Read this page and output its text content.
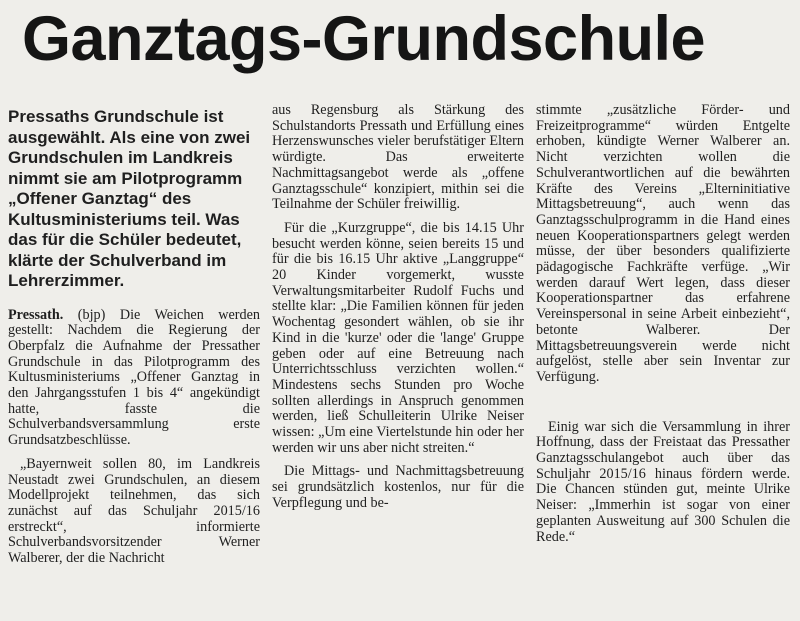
Ganztags-Grundschule
Pressaths Grundschule ist ausgewählt. Als eine von zwei Grundschulen im Landkreis nimmt sie am Pilotprogramm „Offener Ganztag“ des Kultusministeriums teil. Was das für die Schüler bedeutet, klärte der Schulverband im Lehrerzimmer.

Pressath. (bjp) Die Weichen werden gestellt: Nachdem die Regierung der Oberpfalz die Aufnahme der Pressather Grundschule in das Pilotprogramm des Kultusministeriums „Offener Ganztag in den Jahrgangsstufen 1 bis 4“ angekündigt hatte, fasste die Schulverbandsversammlung erste Grundsatzbeschlüsse.

„Bayernweit sollen 80, im Landkreis Neustadt zwei Grundschulen, an diesem Modellprojekt teilnehmen, das sich zunächst auf das Schuljahr 2015/16 erstreckt“, informierte Schulverbandsvorsitzender Werner Walberer, der die Nachricht

aus Regensburg als Stärkung des Schulstandorts Pressath und Erfüllung eines Herzenswunsches vieler berufstätiger Eltern würdigte. Das erweiterte Nachmittagsangebot werde als „offene Ganztagsschule“ konzipiert, mithin sei die Teilnahme der Schüler freiwillig.

Für die „Kurzgruppe“, die bis 14.15 Uhr besucht werden könne, seien bereits 15 und für die bis 16.15 Uhr aktive „Langgruppe“ 20 Kinder vorgemerkt, wusste Verwaltungsmitarbeiter Rudolf Fuchs und stellte klar: „Die Familien können für jeden Wochentag gesondert wählen, ob sie ihr Kind in die 'kurze' oder die 'lange' Gruppe geben oder auf eine Betreuung nach Unterrichtsschluss verzichten wollen.“ Mindestens sechs Stunden pro Woche sollten allerdings in Anspruch genommen werden, ließ Schulleiterin Ulrike Neiser wissen: „Um eine Viertelstunde hin oder her werden wir uns aber nicht streiten.“

Die Mittags- und Nachmittagsbetreuung sei grundsätzlich kostenlos, nur für die Verpflegung und be-

stimmte „zusätzliche Förder- und Freizeitprogramme“ würden Entgelte erhoben, kündigte Werner Walberer an. Nicht verzichten wollen die Schulverantwortlichen auf die bewährten Kräfte des Vereins „Elterninitiative Mittagsbetreuung“, auch wenn das Ganztagsschulprogramm in die Hand eines neuen Kooperationspartners gelegt werden müsse, der über besonders qualifizierte pädagogische Fachkräfte verfüge. „Wir werden darauf Wert legen, dass dieser Kooperationspartner das erfahrene Vereinspersonal in seine Arbeit einbezieht“, betonte Walberer. Der Mittagsbetreuungsverein werde nicht aufgelöst, stelle aber sein Inventar zur Verfügung.

Einig war sich die Versammlung in ihrer Hoffnung, dass der Freistaat das Pressather Ganztagsschulangebot auch über das Schuljahr 2015/16 hinaus fördern werde. Die Chancen stünden gut, meinte Ulrike Neiser: „Immerhin ist sogar von einer geplanten Ausweitung auf 300 Schulen die Rede.“
